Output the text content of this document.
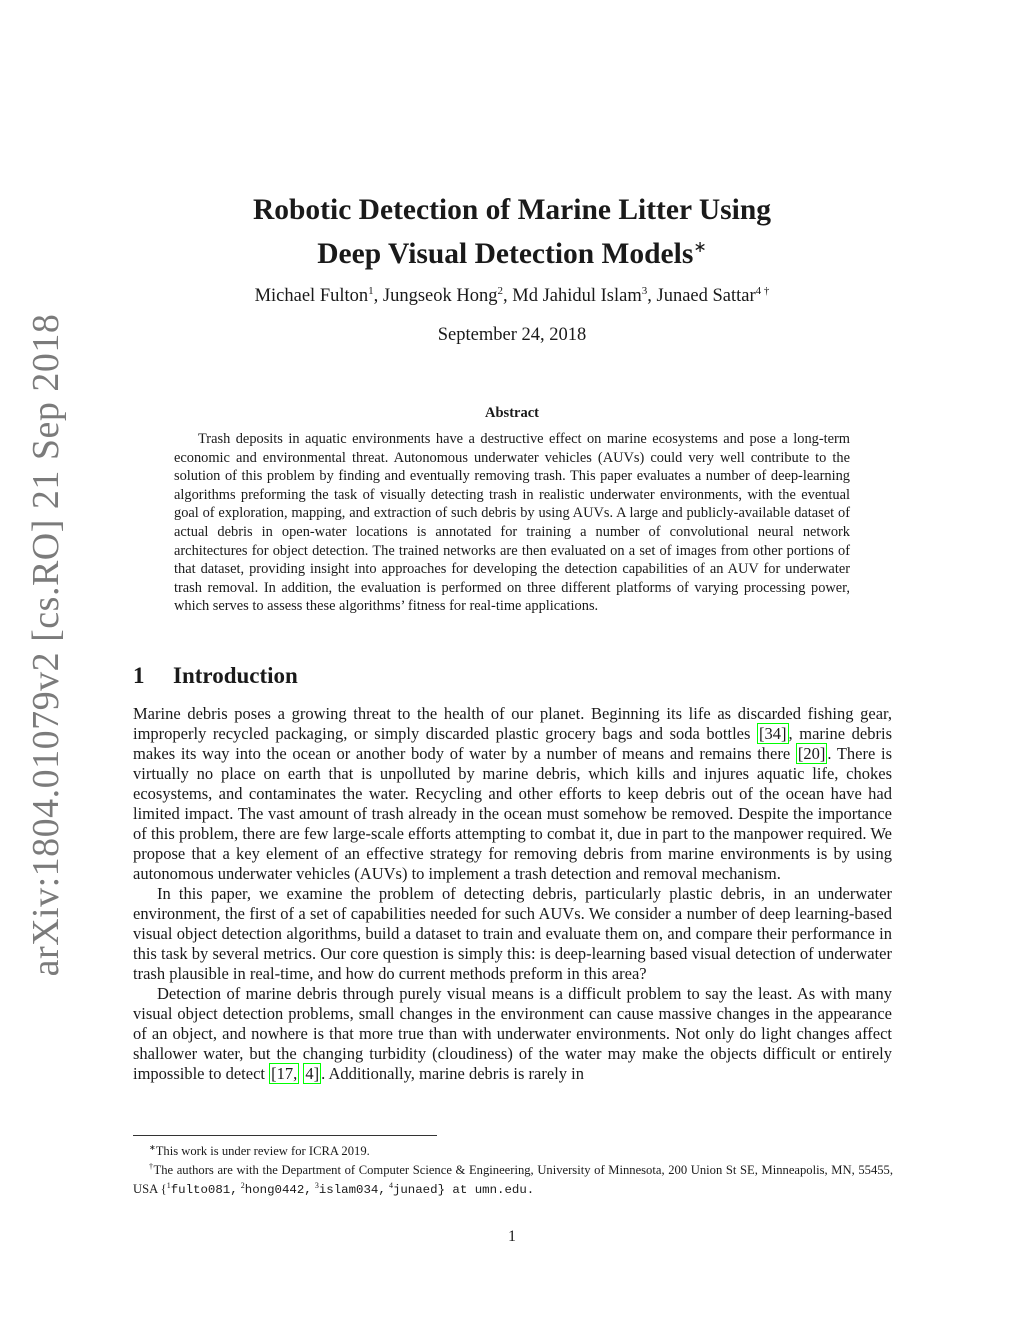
arXiv:1804.01079v2 [cs.RO] 21 Sep 2018
Robotic Detection of Marine Litter Using
Deep Visual Detection Models∗
Michael Fulton$^1$, Jungseok Hong$^2$, Md Jahidul Islam$^3$, Junaed Sattar$^{4 \dagger}$
September 24, 2018
Abstract
Trash deposits in aquatic environments have a destructive effect on marine ecosystems and pose a long-term economic and environmental threat. Autonomous underwater vehicles (AUVs) could very well contribute to the solution of this problem by finding and eventually removing trash. This paper evaluates a number of deep-learning algorithms preforming the task of visually detecting trash in realistic underwater environments, with the eventual goal of exploration, mapping, and extraction of such debris by using AUVs. A large and publicly-available dataset of actual debris in open-water locations is annotated for training a number of convolutional neural network architectures for object detection. The trained networks are then evaluated on a set of images from other portions of that dataset, providing insight into approaches for developing the detection capabilities of an AUV for underwater trash removal. In addition, the evaluation is performed on three different platforms of varying processing power, which serves to assess these algorithms’ fitness for real-time applications.
1 Introduction

Marine debris poses a growing threat to the health of our planet. Beginning its life as discarded fishing gear, improperly recycled packaging, or simply discarded plastic grocery bags and soda bottles [34] , marine debris makes its way into the ocean or another body of water by a number of means and remains there [20] . There is virtually no place on earth that is unpolluted by marine debris, which kills and injures aquatic life, chokes ecosystems, and contaminates the water. Recycling and other efforts to keep debris out of the ocean have had limited impact. The vast amount of trash already in the ocean must somehow be removed. Despite the importance of this problem, there are few large-scale efforts attempting to combat it, due in part to the manpower required. We propose that a key element of an effective strategy for removing debris from marine environments is by using autonomous underwater vehicles (AUVs) to implement a trash detection and removal mechanism.

In this paper, we examine the problem of detecting debris, particularly plastic debris, in an underwater environment, the first of a set of capabilities needed for such AUVs. We consider a number of deep learning-based visual object detection algorithms, build a dataset to train and evaluate them on, and compare their performance in this task by several metrics. Our core question is simply this: is deep-learning based visual detection of underwater trash plausible in real-time, and how do current methods preform in this area?

Detection of marine debris through purely visual means is a difficult problem to say the least. As with many visual object detection problems, small changes in the environment can cause massive changes in the appearance of an object, and nowhere is that more true than with underwater environments. Not only do light changes affect shallower water, but the changing turbidity (cloudiness) of the water may make the objects difficult or entirely impossible to detect [17, 4] . Additionally, marine debris is rarely in

∗This work is under review for ICRA 2019.

†The authors are with the Department of Computer Science & Engineering, University of Minnesota, 200 Union St SE, Minneapolis, MN, 55455, USA {$^1$fulto081, $^2$hong0442, $^3$islam034, $^4$junaed} at umn.edu.

1
